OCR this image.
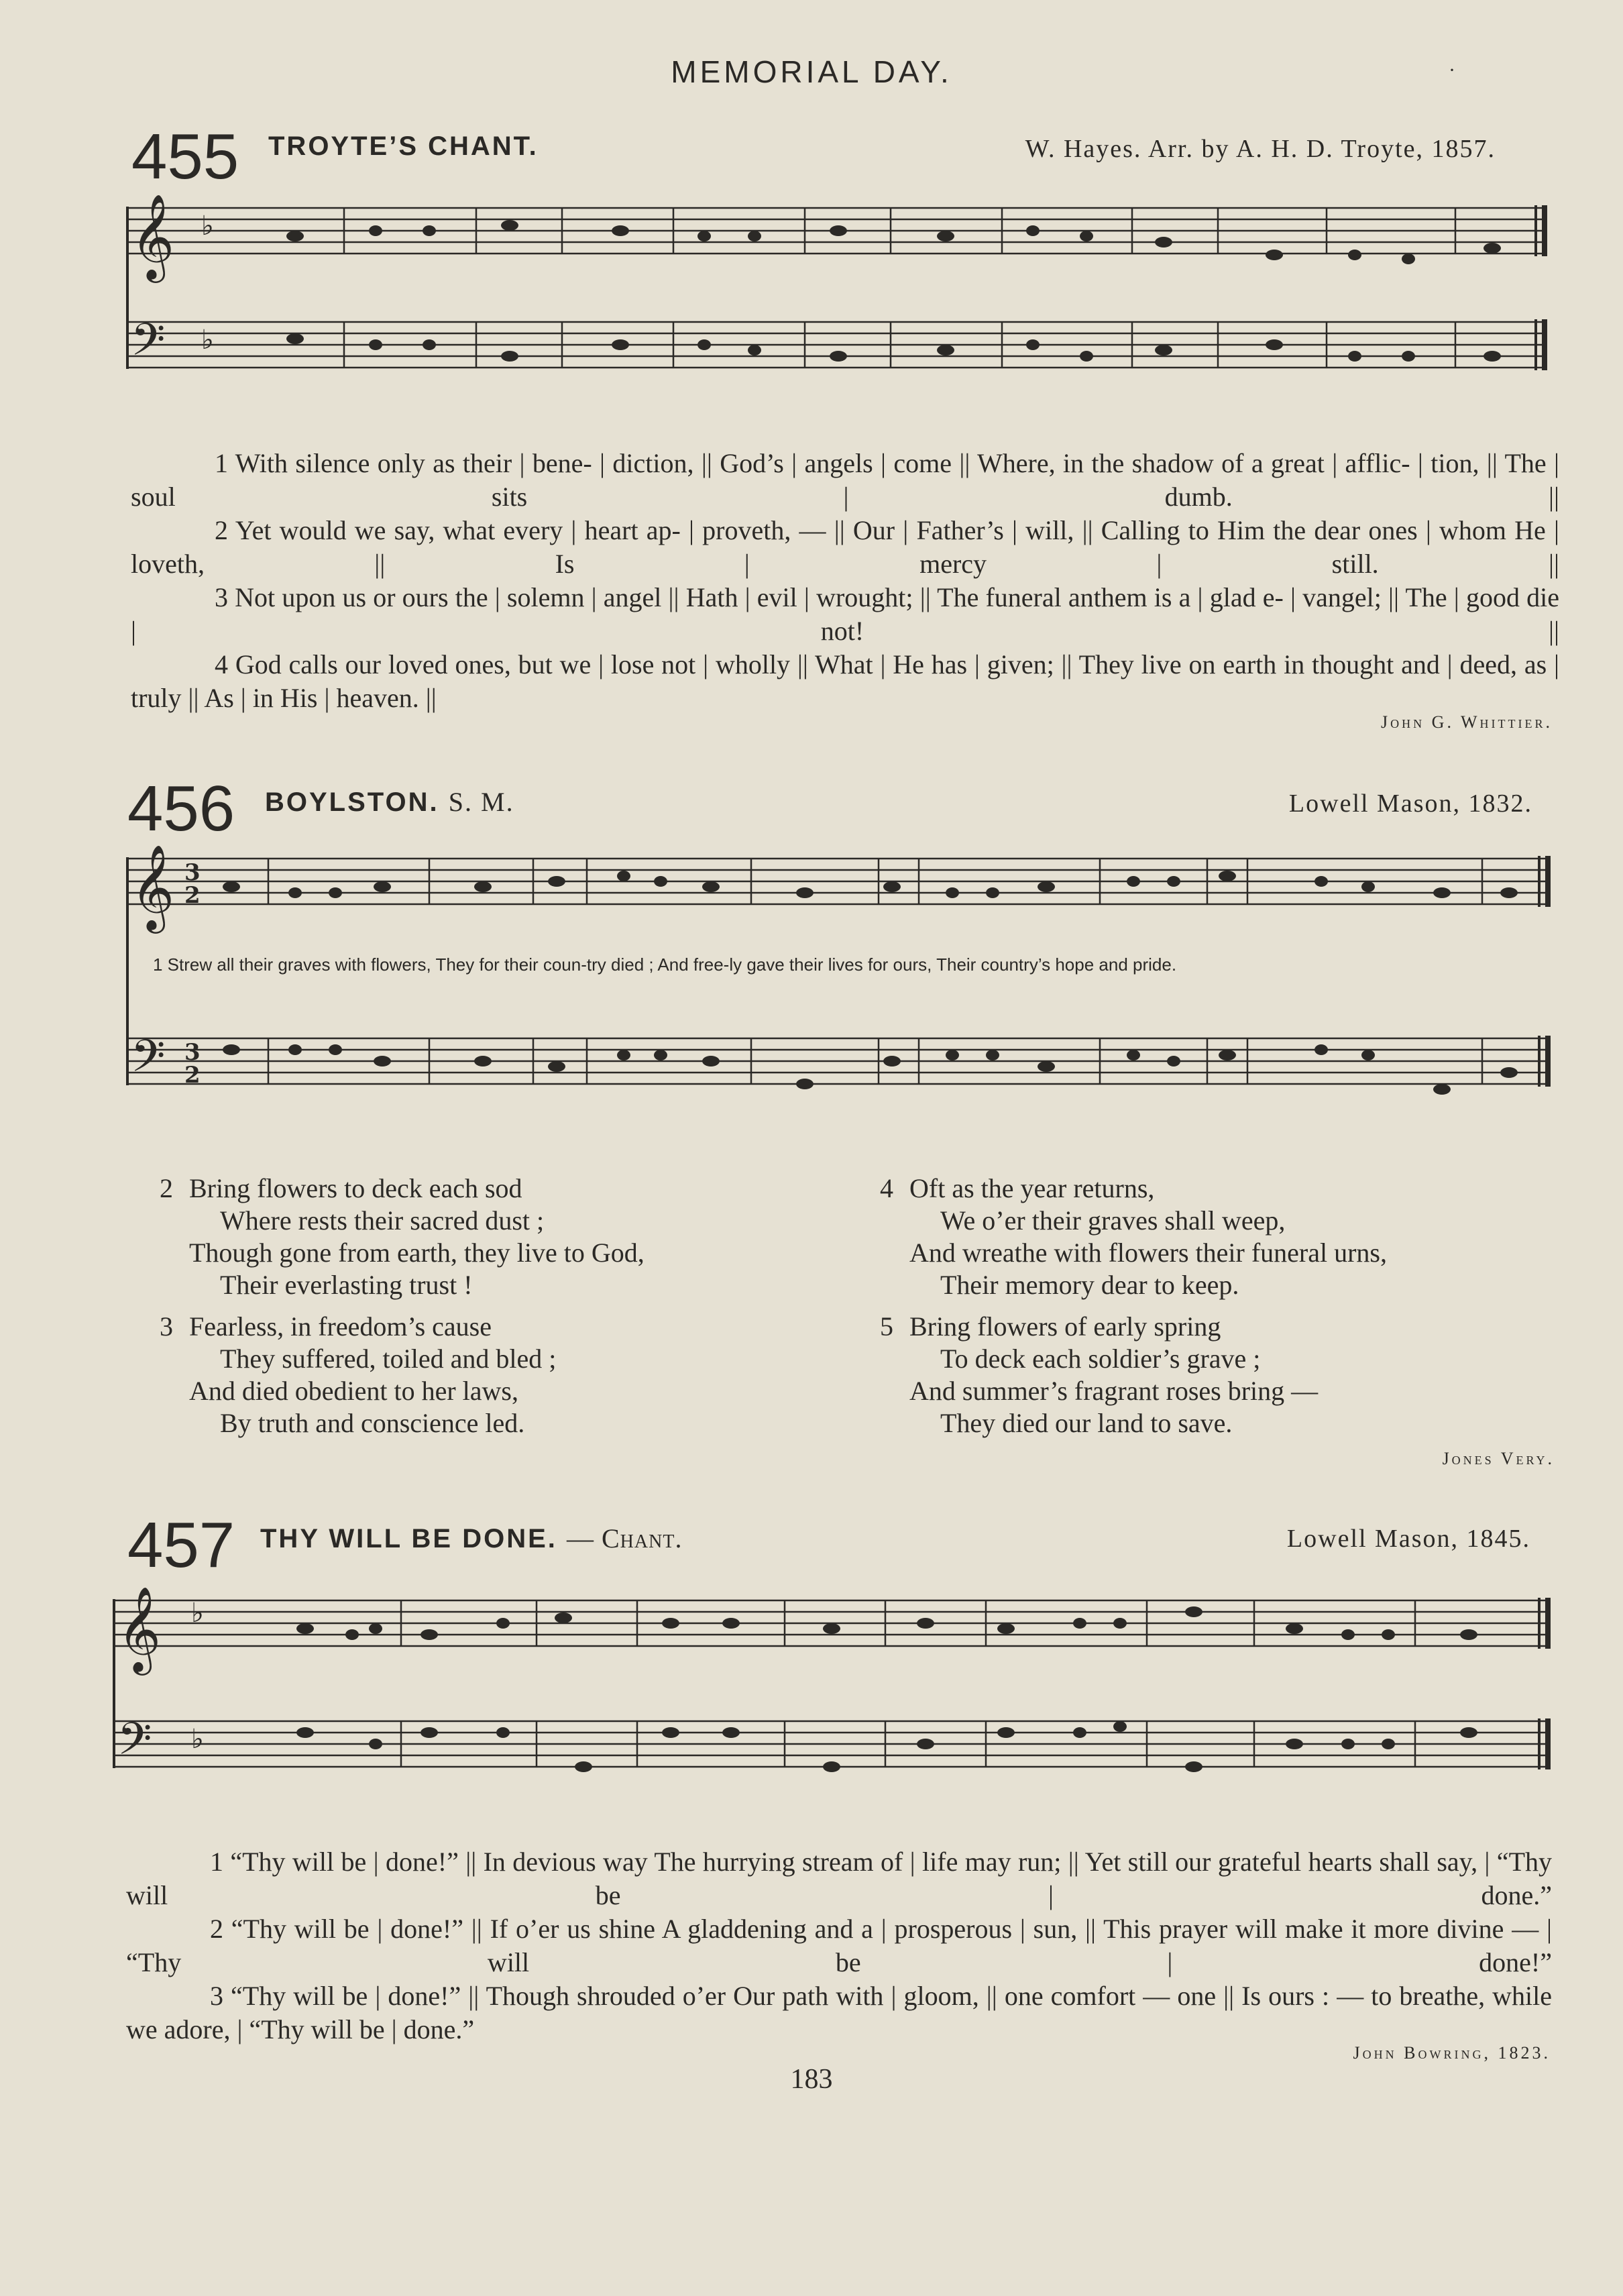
MEMORIAL DAY.	·
455 TROYTE’S CHANT.	W. Hayes. Arr. by A. H. D. Troyte, 1857.
𝄞
𝄢
♭
♭

1 With silence only as their | bene- | diction, || God’s | angels | come || Where, in the shadow of a great | afflic- | tion, || The | soul sits | dumb. ||

2 Yet would we say, what every | heart ap- | proveth, — || Our | Father’s | will, || Calling to Him the dear ones | whom He | loveth, || Is | mercy | still. ||

3 Not upon us or ours the | solemn | angel || Hath | evil | wrought; || The funeral anthem is a | glad e- | vangel; || The | good die | not! ||

4 God calls our loved ones, but we | lose not | wholly || What | He has | given; || They live on earth in thought and | deed, as | truly || As | in His | heaven. ||

John G. Whittier.
456 BOYLSTON. S. M.	Lowell Mason, 1832.
𝄞
𝄢
3
2
3
2
1 Strew all their graves with flowers, They for their coun-try died ; And free-ly gave their lives for ours, Their country’s hope and pride.
2 Bring flowers to deck each sod
Where rests their sacred dust ;
Though gone from earth, they live to God,
Their everlasting trust !
3 Fearless, in freedom’s cause
They suffered, toiled and bled ;
And died obedient to her laws,
By truth and conscience led.
4 Oft as the year returns,
We o’er their graves shall weep,
And wreathe with flowers their funeral urns,
Their memory dear to keep.
5 Bring flowers of early spring
To deck each soldier’s grave ;
And summer’s fragrant roses bring —
They died our land to save.
Jones Very.
457 THY WILL BE DONE. — Chant.	Lowell Mason, 1845.
𝄞
𝄢
♭
♭

1 “Thy will be | done!” || In devious way The hurrying stream of | life may run; || Yet still our grateful hearts shall say, | “Thy will be | done.”

2 “Thy will be | done!” || If o’er us shine A gladdening and a | prosperous | sun, || This prayer will make it more divine — | “Thy will be | done!”

3 “Thy will be | done!” || Though shrouded o’er Our path with | gloom, || one comfort — one || Is ours : — to breathe, while we adore, | “Thy will be | done.”

John Bowring, 1823.
183
